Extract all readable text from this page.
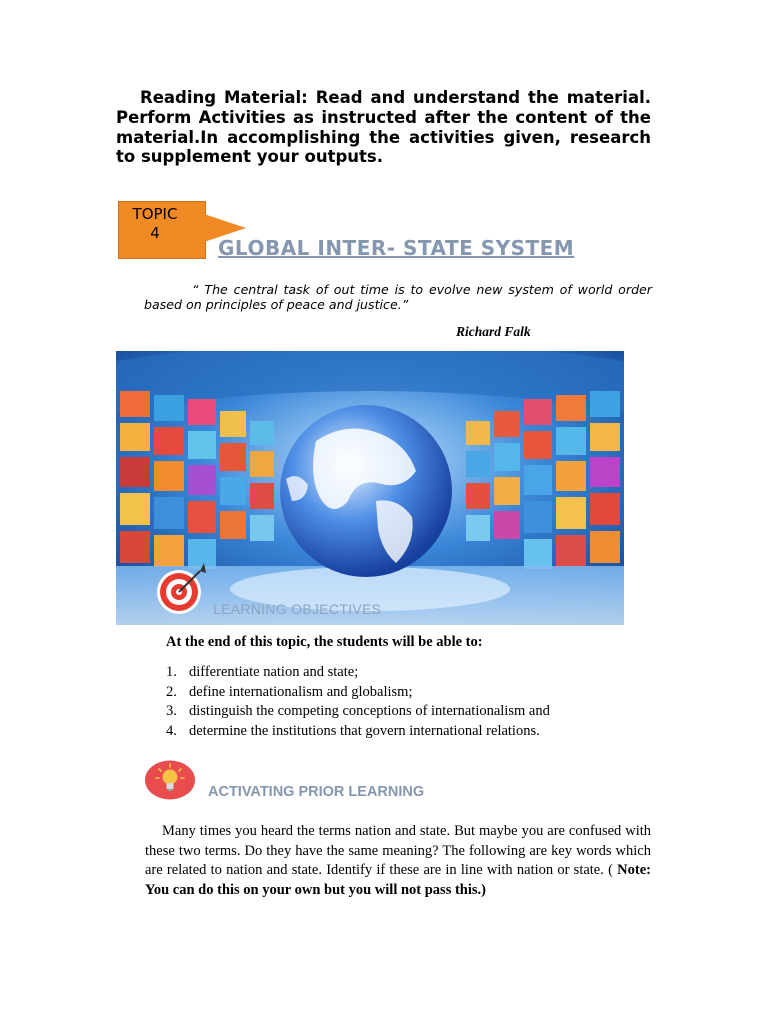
Reading Material: Read and understand the material. Perform Activities as instructed after the content of the material.In accomplishing the activities given, research to supplement your outputs.
TOPIC
4
GLOBAL INTER- STATE SYSTEM
“ The central task of out time is to evolve new system of world order based on principles of peace and justice.”
Richard Falk
LEARNING OBJECTIVES
At the end of this topic, the students will be able to:
1. differentiate nation and state;
2. define internationalism and globalism;
3. distinguish the competing conceptions of internationalism and
4. determine the institutions that govern international relations.
ACTIVATING PRIOR LEARNING
Many times you heard the terms nation and state. But maybe you are confused with these two terms. Do they have the same meaning? The following are key words which are related to nation and state. Identify if these are in line with nation or state. ( Note: You can do this on your own but you will not pass this.)
